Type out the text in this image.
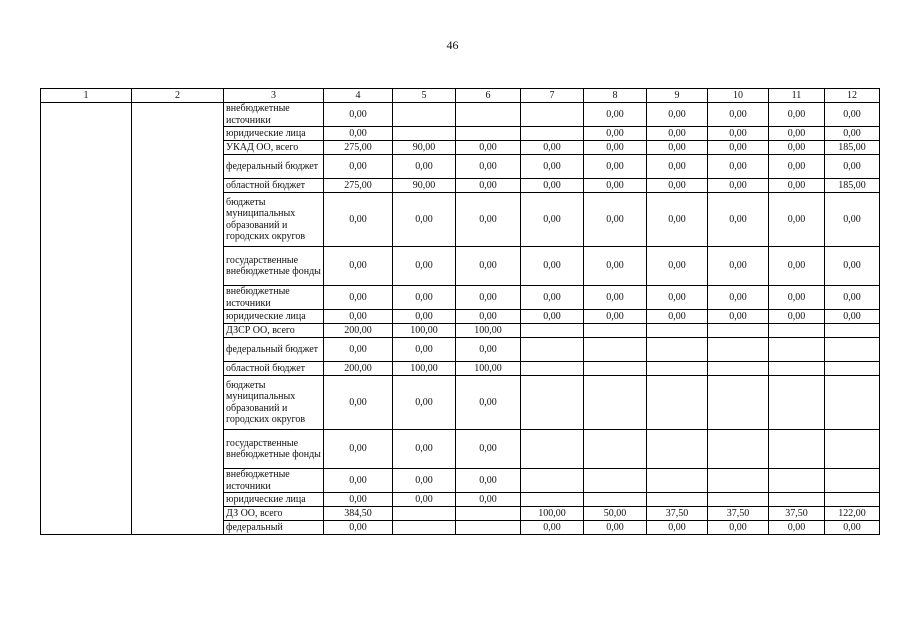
46
1	2	3	4	5	6	7	8	9	10	11	12
		внебюджетные источники	0,00				0,00	0,00	0,00	0,00	0,00
		юридические лица	0,00				0,00	0,00	0,00	0,00	0,00
		УКАД ОО, всего	275,00	90,00	0,00	0,00	0,00	0,00	0,00	0,00	185,00
		федеральный бюджет	0,00	0,00	0,00	0,00	0,00	0,00	0,00	0,00	0,00
		областной бюджет	275,00	90,00	0,00	0,00	0,00	0,00	0,00	0,00	185,00
		бюджеты муниципальных образований и городских округов	0,00	0,00	0,00	0,00	0,00	0,00	0,00	0,00	0,00
		государственные внебюджетные фонды	0,00	0,00	0,00	0,00	0,00	0,00	0,00	0,00	0,00
		внебюджетные источники	0,00	0,00	0,00	0,00	0,00	0,00	0,00	0,00	0,00
		юридические лица	0,00	0,00	0,00	0,00	0,00	0,00	0,00	0,00	0,00
		ДЗСР ОО, всего	200,00	100,00	100,00						
		федеральный бюджет	0,00	0,00	0,00						
		областной бюджет	200,00	100,00	100,00						
		бюджеты муниципальных образований и городских округов	0,00	0,00	0,00						
		государственные внебюджетные фонды	0,00	0,00	0,00						
		внебюджетные источники	0,00	0,00	0,00						
		юридические лица	0,00	0,00	0,00						
		ДЗ ОО, всего	384,50			100,00	50,00	37,50	37,50	37,50	122,00
		федеральный	0,00			0,00	0,00	0,00	0,00	0,00	0,00
